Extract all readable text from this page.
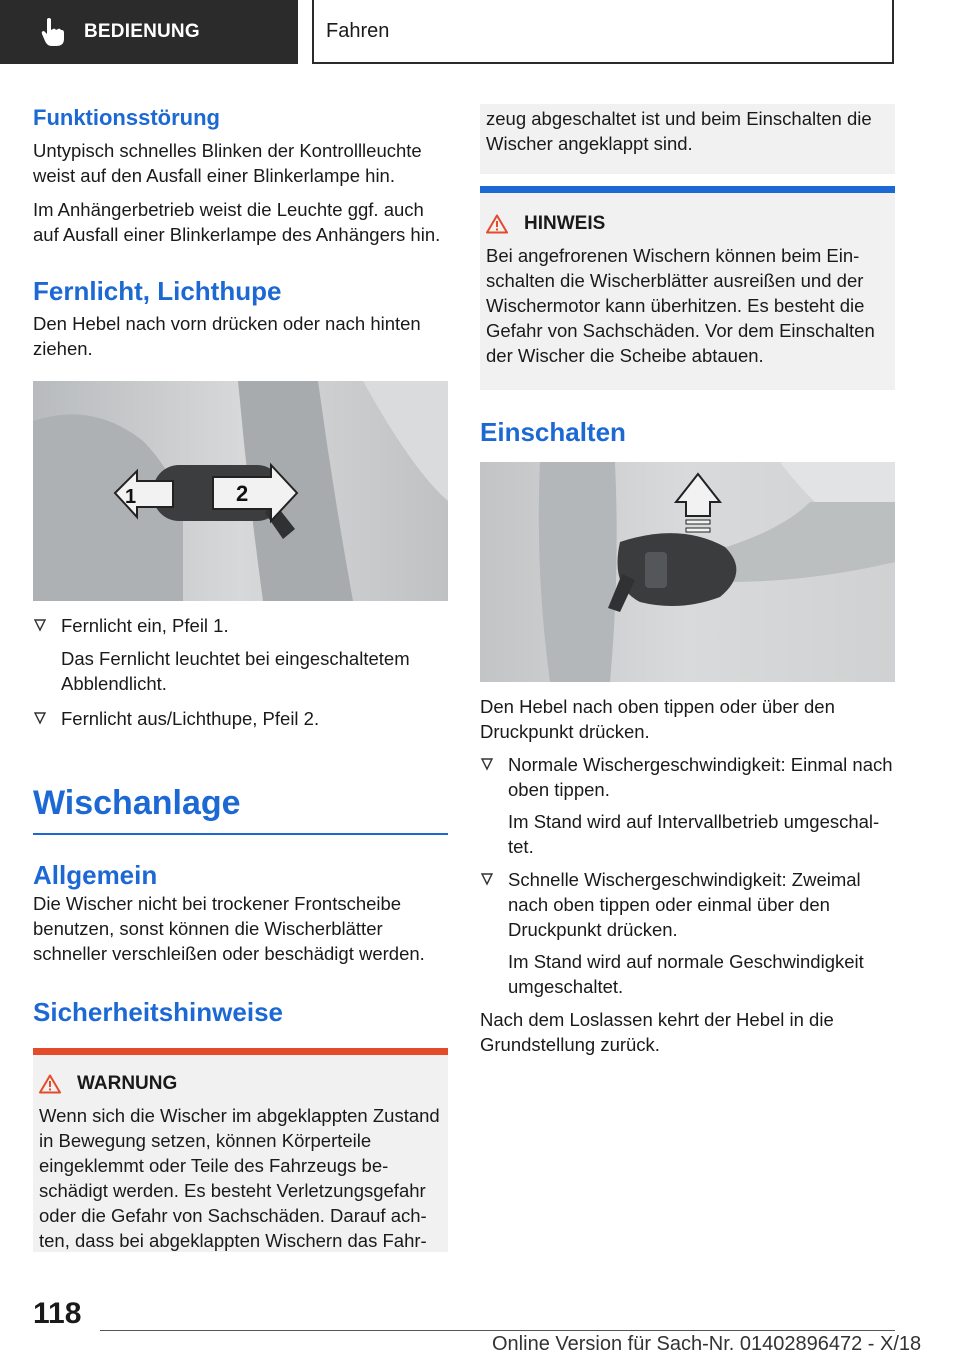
BEDIENUNG	Fahren
Funktionsstörung

Untypisch schnelles Blinken der Kontrollleuchte weist auf den Ausfall einer Blinkerlampe hin.

Im Anhängerbetrieb weist die Leuchte ggf. auch auf Ausfall einer Blinkerlampe des Anhängers hin.

Fernlicht, Lichthupe

Den Hebel nach vorn drücken oder nach hinten ziehen.

1	2
Fernlicht ein, Pfeil 1.
Das Fernlicht leuchtet bei eingeschaltetem Abblendlicht.
Fernlicht aus/Lichthupe, Pfeil 2.
Wischanlage
Allgemein

Die Wischer nicht bei trockener Frontscheibe benutzen, sonst können die Wischerblätter schneller verschleißen oder beschädigt werden.

Sicherheitshinweise
WARNUNG

Wenn sich die Wischer im abgeklappten Zustand in Bewegung setzen, können Körperteile eingeklemmt oder Teile des Fahrzeugs beschädigt werden. Es besteht Verletzungsgefahr oder die Gefahr von Sachschäden. Darauf achten, dass bei abgeklappten Wischern das Fahr-

zeug abgeschaltet ist und beim Einschalten die Wischer angeklappt sind.

HINWEIS

Bei angefrorenen Wischern können beim Einschalten die Wischerblätter ausreißen und der Wischermotor kann überhitzen. Es besteht die Gefahr von Sachschäden. Vor dem Einschalten der Wischer die Scheibe abtauen.

Einschalten

Den Hebel nach oben tippen oder über den Druckpunkt drücken.

Normale Wischergeschwindigkeit: Einmal nach oben tippen.
Im Stand wird auf Intervallbetrieb umgeschaltet.
Schnelle Wischergeschwindigkeit: Zweimal nach oben tippen oder einmal über den Druckpunkt drücken.
Im Stand wird auf normale Geschwindigkeit umgeschaltet.

Nach dem Loslassen kehrt der Hebel in die Grundstellung zurück.

118
Online Version für Sach-Nr. 01402896472 - X/18
